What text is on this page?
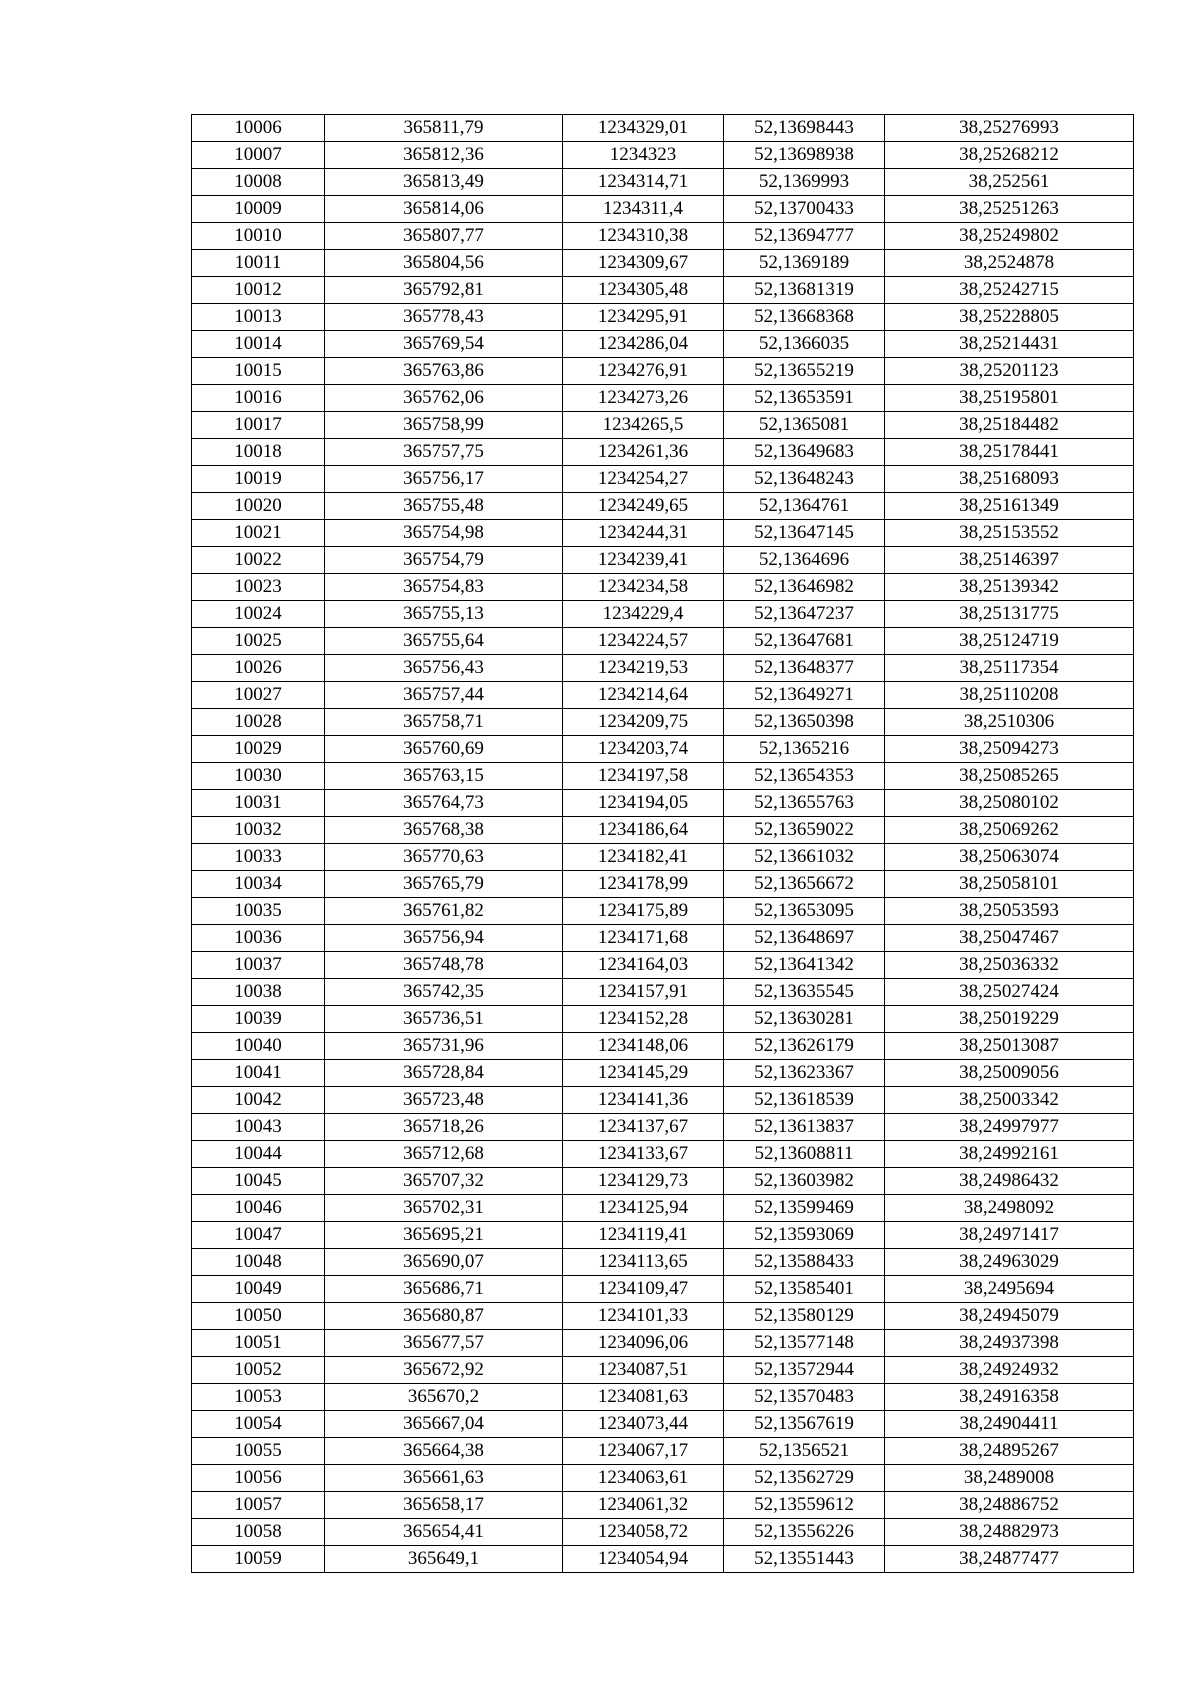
10006	365811,79	1234329,01	52,13698443	38,25276993
10007	365812,36	1234323	52,13698938	38,25268212
10008	365813,49	1234314,71	52,1369993	38,252561
10009	365814,06	1234311,4	52,13700433	38,25251263
10010	365807,77	1234310,38	52,13694777	38,25249802
10011	365804,56	1234309,67	52,1369189	38,2524878
10012	365792,81	1234305,48	52,13681319	38,25242715
10013	365778,43	1234295,91	52,13668368	38,25228805
10014	365769,54	1234286,04	52,1366035	38,25214431
10015	365763,86	1234276,91	52,13655219	38,25201123
10016	365762,06	1234273,26	52,13653591	38,25195801
10017	365758,99	1234265,5	52,1365081	38,25184482
10018	365757,75	1234261,36	52,13649683	38,25178441
10019	365756,17	1234254,27	52,13648243	38,25168093
10020	365755,48	1234249,65	52,1364761	38,25161349
10021	365754,98	1234244,31	52,13647145	38,25153552
10022	365754,79	1234239,41	52,1364696	38,25146397
10023	365754,83	1234234,58	52,13646982	38,25139342
10024	365755,13	1234229,4	52,13647237	38,25131775
10025	365755,64	1234224,57	52,13647681	38,25124719
10026	365756,43	1234219,53	52,13648377	38,25117354
10027	365757,44	1234214,64	52,13649271	38,25110208
10028	365758,71	1234209,75	52,13650398	38,2510306
10029	365760,69	1234203,74	52,1365216	38,25094273
10030	365763,15	1234197,58	52,13654353	38,25085265
10031	365764,73	1234194,05	52,13655763	38,25080102
10032	365768,38	1234186,64	52,13659022	38,25069262
10033	365770,63	1234182,41	52,13661032	38,25063074
10034	365765,79	1234178,99	52,13656672	38,25058101
10035	365761,82	1234175,89	52,13653095	38,25053593
10036	365756,94	1234171,68	52,13648697	38,25047467
10037	365748,78	1234164,03	52,13641342	38,25036332
10038	365742,35	1234157,91	52,13635545	38,25027424
10039	365736,51	1234152,28	52,13630281	38,25019229
10040	365731,96	1234148,06	52,13626179	38,25013087
10041	365728,84	1234145,29	52,13623367	38,25009056
10042	365723,48	1234141,36	52,13618539	38,25003342
10043	365718,26	1234137,67	52,13613837	38,24997977
10044	365712,68	1234133,67	52,13608811	38,24992161
10045	365707,32	1234129,73	52,13603982	38,24986432
10046	365702,31	1234125,94	52,13599469	38,2498092
10047	365695,21	1234119,41	52,13593069	38,24971417
10048	365690,07	1234113,65	52,13588433	38,24963029
10049	365686,71	1234109,47	52,13585401	38,2495694
10050	365680,87	1234101,33	52,13580129	38,24945079
10051	365677,57	1234096,06	52,13577148	38,24937398
10052	365672,92	1234087,51	52,13572944	38,24924932
10053	365670,2	1234081,63	52,13570483	38,24916358
10054	365667,04	1234073,44	52,13567619	38,24904411
10055	365664,38	1234067,17	52,1356521	38,24895267
10056	365661,63	1234063,61	52,13562729	38,2489008
10057	365658,17	1234061,32	52,13559612	38,24886752
10058	365654,41	1234058,72	52,13556226	38,24882973
10059	365649,1	1234054,94	52,13551443	38,24877477
